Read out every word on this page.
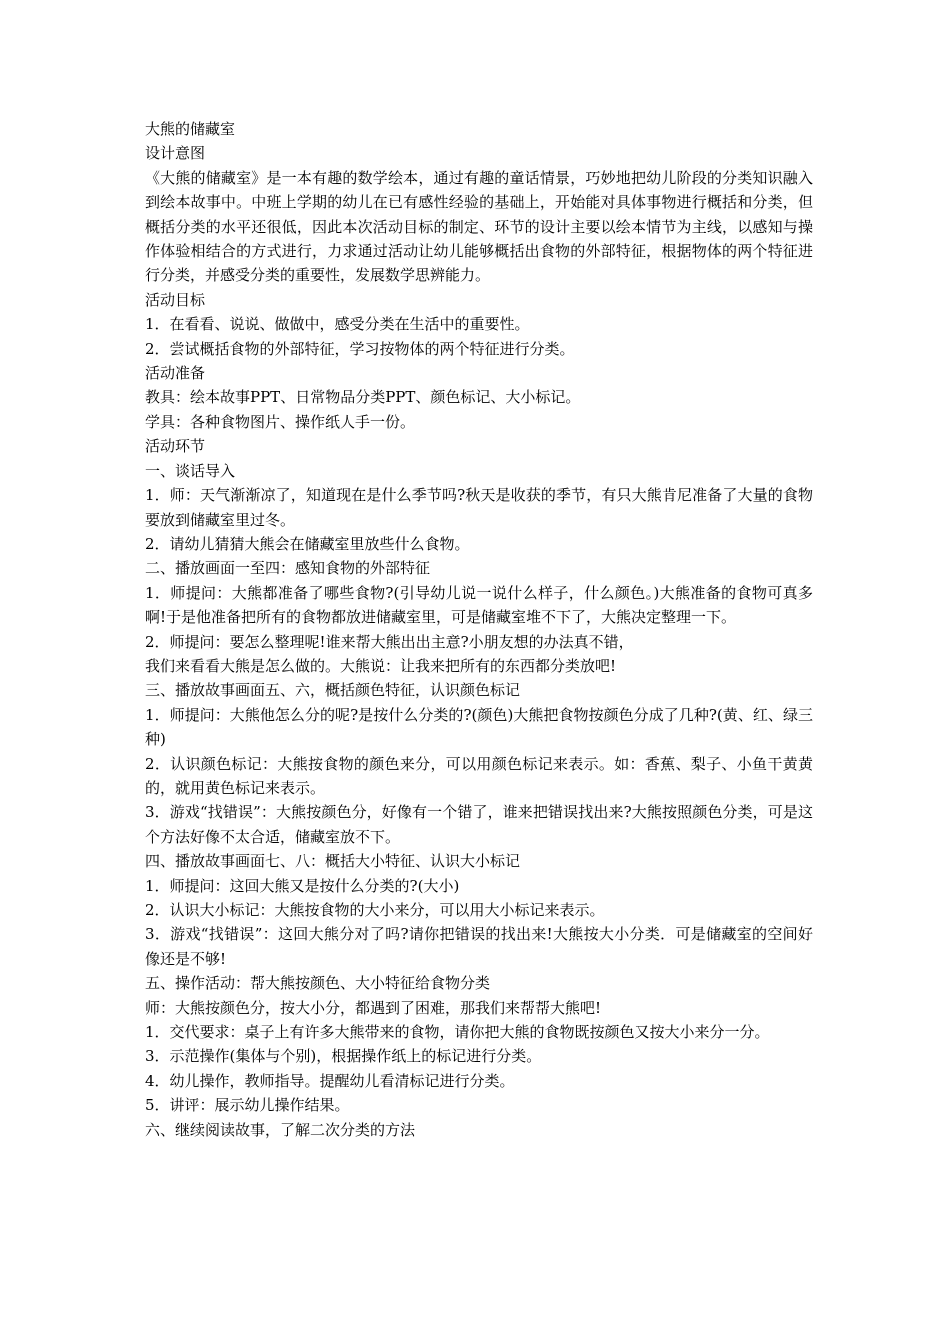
大熊的储藏室
设计意图
《大熊的储藏室》是一本有趣的数学绘本，通过有趣的童话情景，巧妙地把幼儿阶段的分类知识融入到绘本故事中。中班上学期的幼儿在已有感性经验的基础上，开始能对具体事物进行概括和分类，但概括分类的水平还很低，因此本次活动目标的制定、环节的设计主要以绘本情节为主线，以感知与操作体验相结合的方式进行，力求通过活动让幼儿能够概括出食物的外部特征，根据物体的两个特征进行分类，并感受分类的重要性，发展数学思辨能力。
活动目标
1．在看看、说说、做做中，感受分类在生活中的重要性。
2．尝试概括食物的外部特征，学习按物体的两个特征进行分类。
活动准备
教具：绘本故事PPT、日常物品分类PPT、颜色标记、大小标记。
学具：各种食物图片、操作纸人手一份。
活动环节
一、谈话导入
1．师：天气渐渐凉了，知道现在是什么季节吗?秋天是收获的季节，有只大熊肯尼准备了大量的食物要放到储藏室里过冬。
2．请幼儿猜猜大熊会在储藏室里放些什么食物。
二、播放画面一至四：感知食物的外部特征
1．师提问：大熊都准备了哪些食物?(引导幼儿说一说什么样子，什么颜色。)大熊准备的食物可真多啊!于是他准备把所有的食物都放进储藏室里，可是储藏室堆不下了，大熊决定整理一下。
2．师提问：要怎么整理呢!谁来帮大熊出出主意?小朋友想的办法真不错，
我们来看看大熊是怎么做的。大熊说：让我来把所有的东西都分类放吧!
三、播放故事画面五、六，概括颜色特征，认识颜色标记
1．师提问：大熊他怎么分的呢?是按什么分类的?(颜色)大熊把食物按颜色分成了几种?(黄、红、绿三种)
2．认识颜色标记：大熊按食物的颜色来分，可以用颜色标记来表示。如：香蕉、梨子、小鱼干黄黄的，就用黄色标记来表示。
3．游戏“找错误”：大熊按颜色分，好像有一个错了，谁来把错误找出来?大熊按照颜色分类，可是这个方法好像不太合适，储藏室放不下。
四、播放故事画面七、八：概括大小特征、认识大小标记
1．师提问：这回大熊又是按什么分类的?(大小)
2．认识大小标记：大熊按食物的大小来分，可以用大小标记来表示。
3．游戏“找错误”：这回大熊分对了吗?请你把错误的找出来!大熊按大小分类．可是储藏室的空间好像还是不够!
五、操作活动：帮大熊按颜色、大小特征给食物分类
师：大熊按颜色分，按大小分，都遇到了困难，那我们来帮帮大熊吧!
1．交代要求：桌子上有许多大熊带来的食物，请你把大熊的食物既按颜色又按大小来分一分。
3．示范操作(集体与个别)，根据操作纸上的标记进行分类。
4．幼儿操作，教师指导。提醒幼儿看清标记进行分类。
5．讲评：展示幼儿操作结果。
六、继续阅读故事，了解二次分类的方法
